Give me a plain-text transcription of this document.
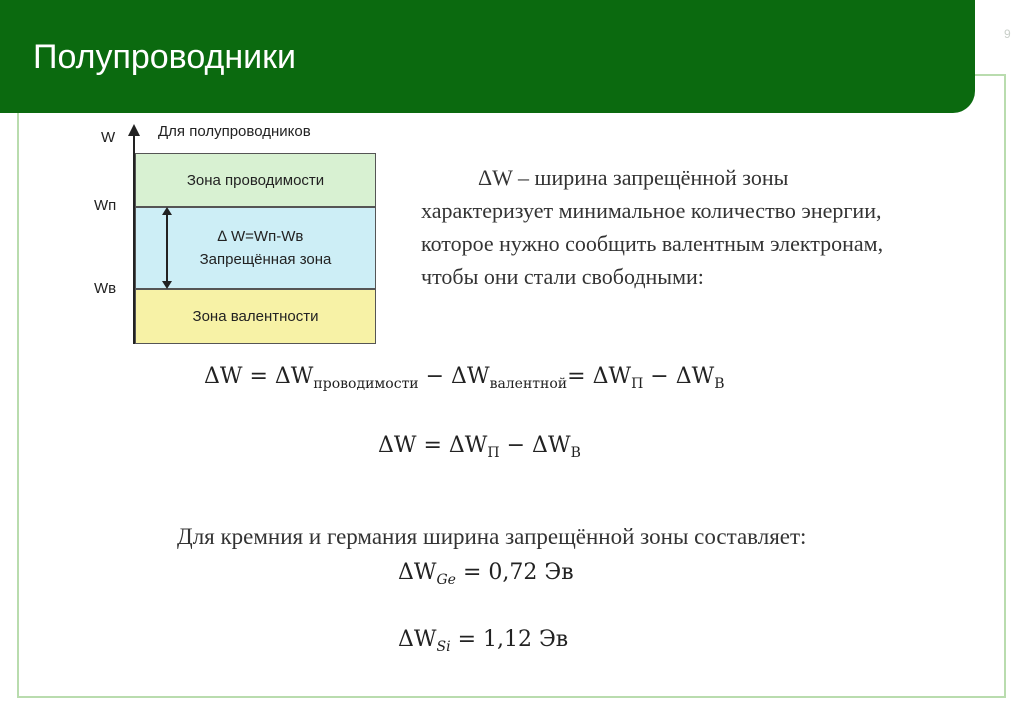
Полупроводники
9
W	Для полупроводников
Wп
Wв
Зона проводимости
∆ W=Wп-Wв
Запрещённая зона
Зона валентности
ΔW – ширина запрещённой зоны
характеризует минимальное количество энергии,
которое нужно сообщить валентным электронам,
чтобы они стали свободными:
$\Delta W = \Delta W_{проводимости} - \Delta W_{валентной}= \Delta W_П - \Delta W_В$
$\Delta W = \Delta W_П - \Delta W_В$
Для кремния и германия ширина запрещённой зоны составляет:
$\Delta W_{Ge} = 0,72$ Эв
$\Delta W_{Si} = 1,12$ Эв
